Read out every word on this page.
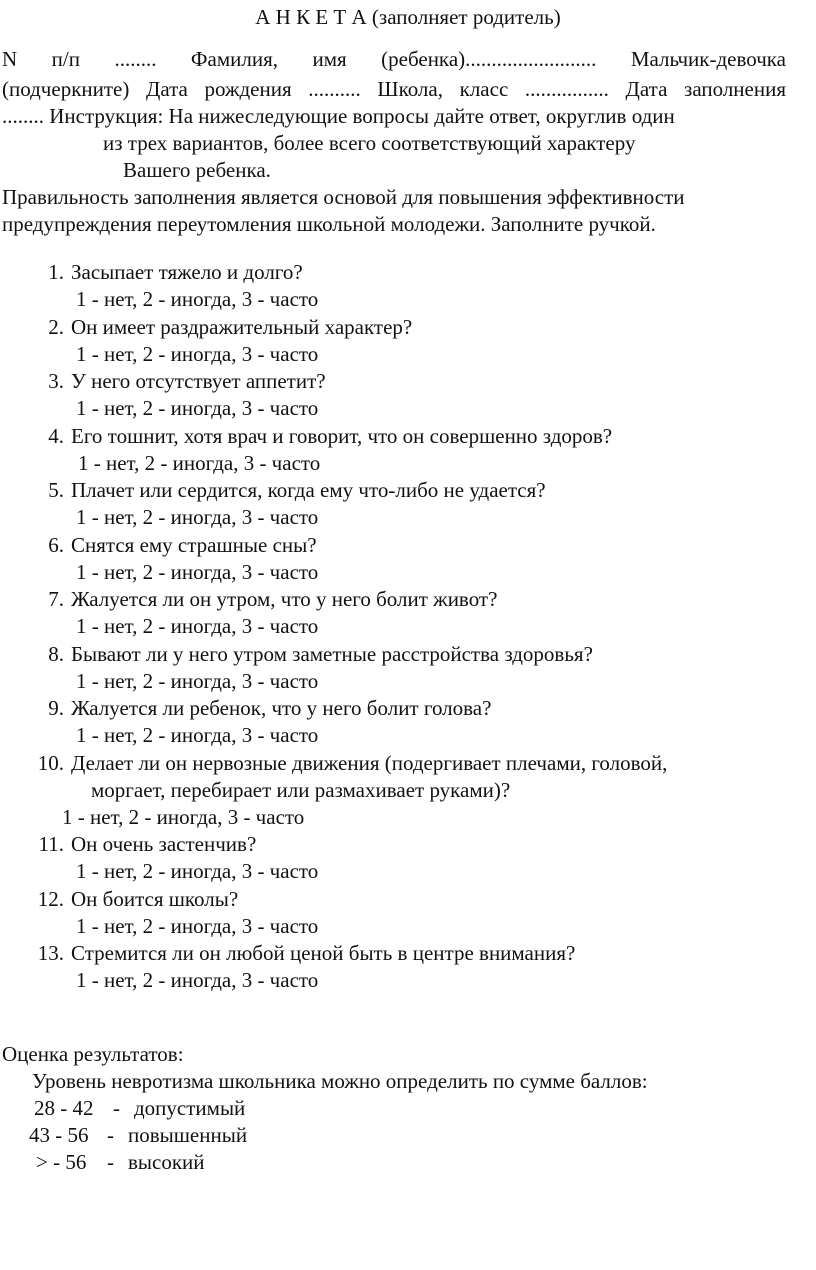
А Н К Е Т А (заполняет родитель)
N п/п ........ Фамилия, имя (ребенка)......................... Мальчик-девочка
(подчеркните) Дата рождения .......... Школа, класс ................ Дата заполнения
........ Инструкция: На нижеследующие вопросы дайте ответ, округлив один
из трех вариантов, более всего соответствующий характеру
Вашего ребенка.
Правильность заполнения является основой для повышения эффективности
предупреждения переутомления школьной молодежи. Заполните ручкой.
1. Засыпает тяжело и долго?
1 - нет, 2 - иногда, 3 - часто
2. Он имеет раздражительный характер?
1 - нет, 2 - иногда, 3 - часто
3. У него отсутствует аппетит?
1 - нет, 2 - иногда, 3 - часто
4. Его тошнит, хотя врач и говорит, что он совершенно здоров?
1 - нет, 2 - иногда, 3 - часто
5. Плачет или сердится, когда ему что-либо не удается?
1 - нет, 2 - иногда, 3 - часто
6. Снятся ему страшные сны?
1 - нет, 2 - иногда, 3 - часто
7. Жалуется ли он утром, что у него болит живот?
1 - нет, 2 - иногда, 3 - часто
8. Бывают ли у него утром заметные расстройства здоровья?
1 - нет, 2 - иногда, 3 - часто
9. Жалуется ли ребенок, что у него болит голова?
1 - нет, 2 - иногда, 3 - часто
10. Делает ли он нервозные движения (подергивает плечами, головой,
моргает, перебирает или размахивает руками)?
1 - нет, 2 - иногда, 3 - часто
11. Он очень застенчив?
1 - нет, 2 - иногда, 3 - часто
12. Он боится школы?
1 - нет, 2 - иногда, 3 - часто
13. Стремится ли он любой ценой быть в центре внимания?
1 - нет, 2 - иногда, 3 - часто
Оценка результатов:
Уровень невротизма школьника можно определить по сумме баллов:
28 - 42 - допустимый
43 - 56 - повышенный
> - 56 - высокий
